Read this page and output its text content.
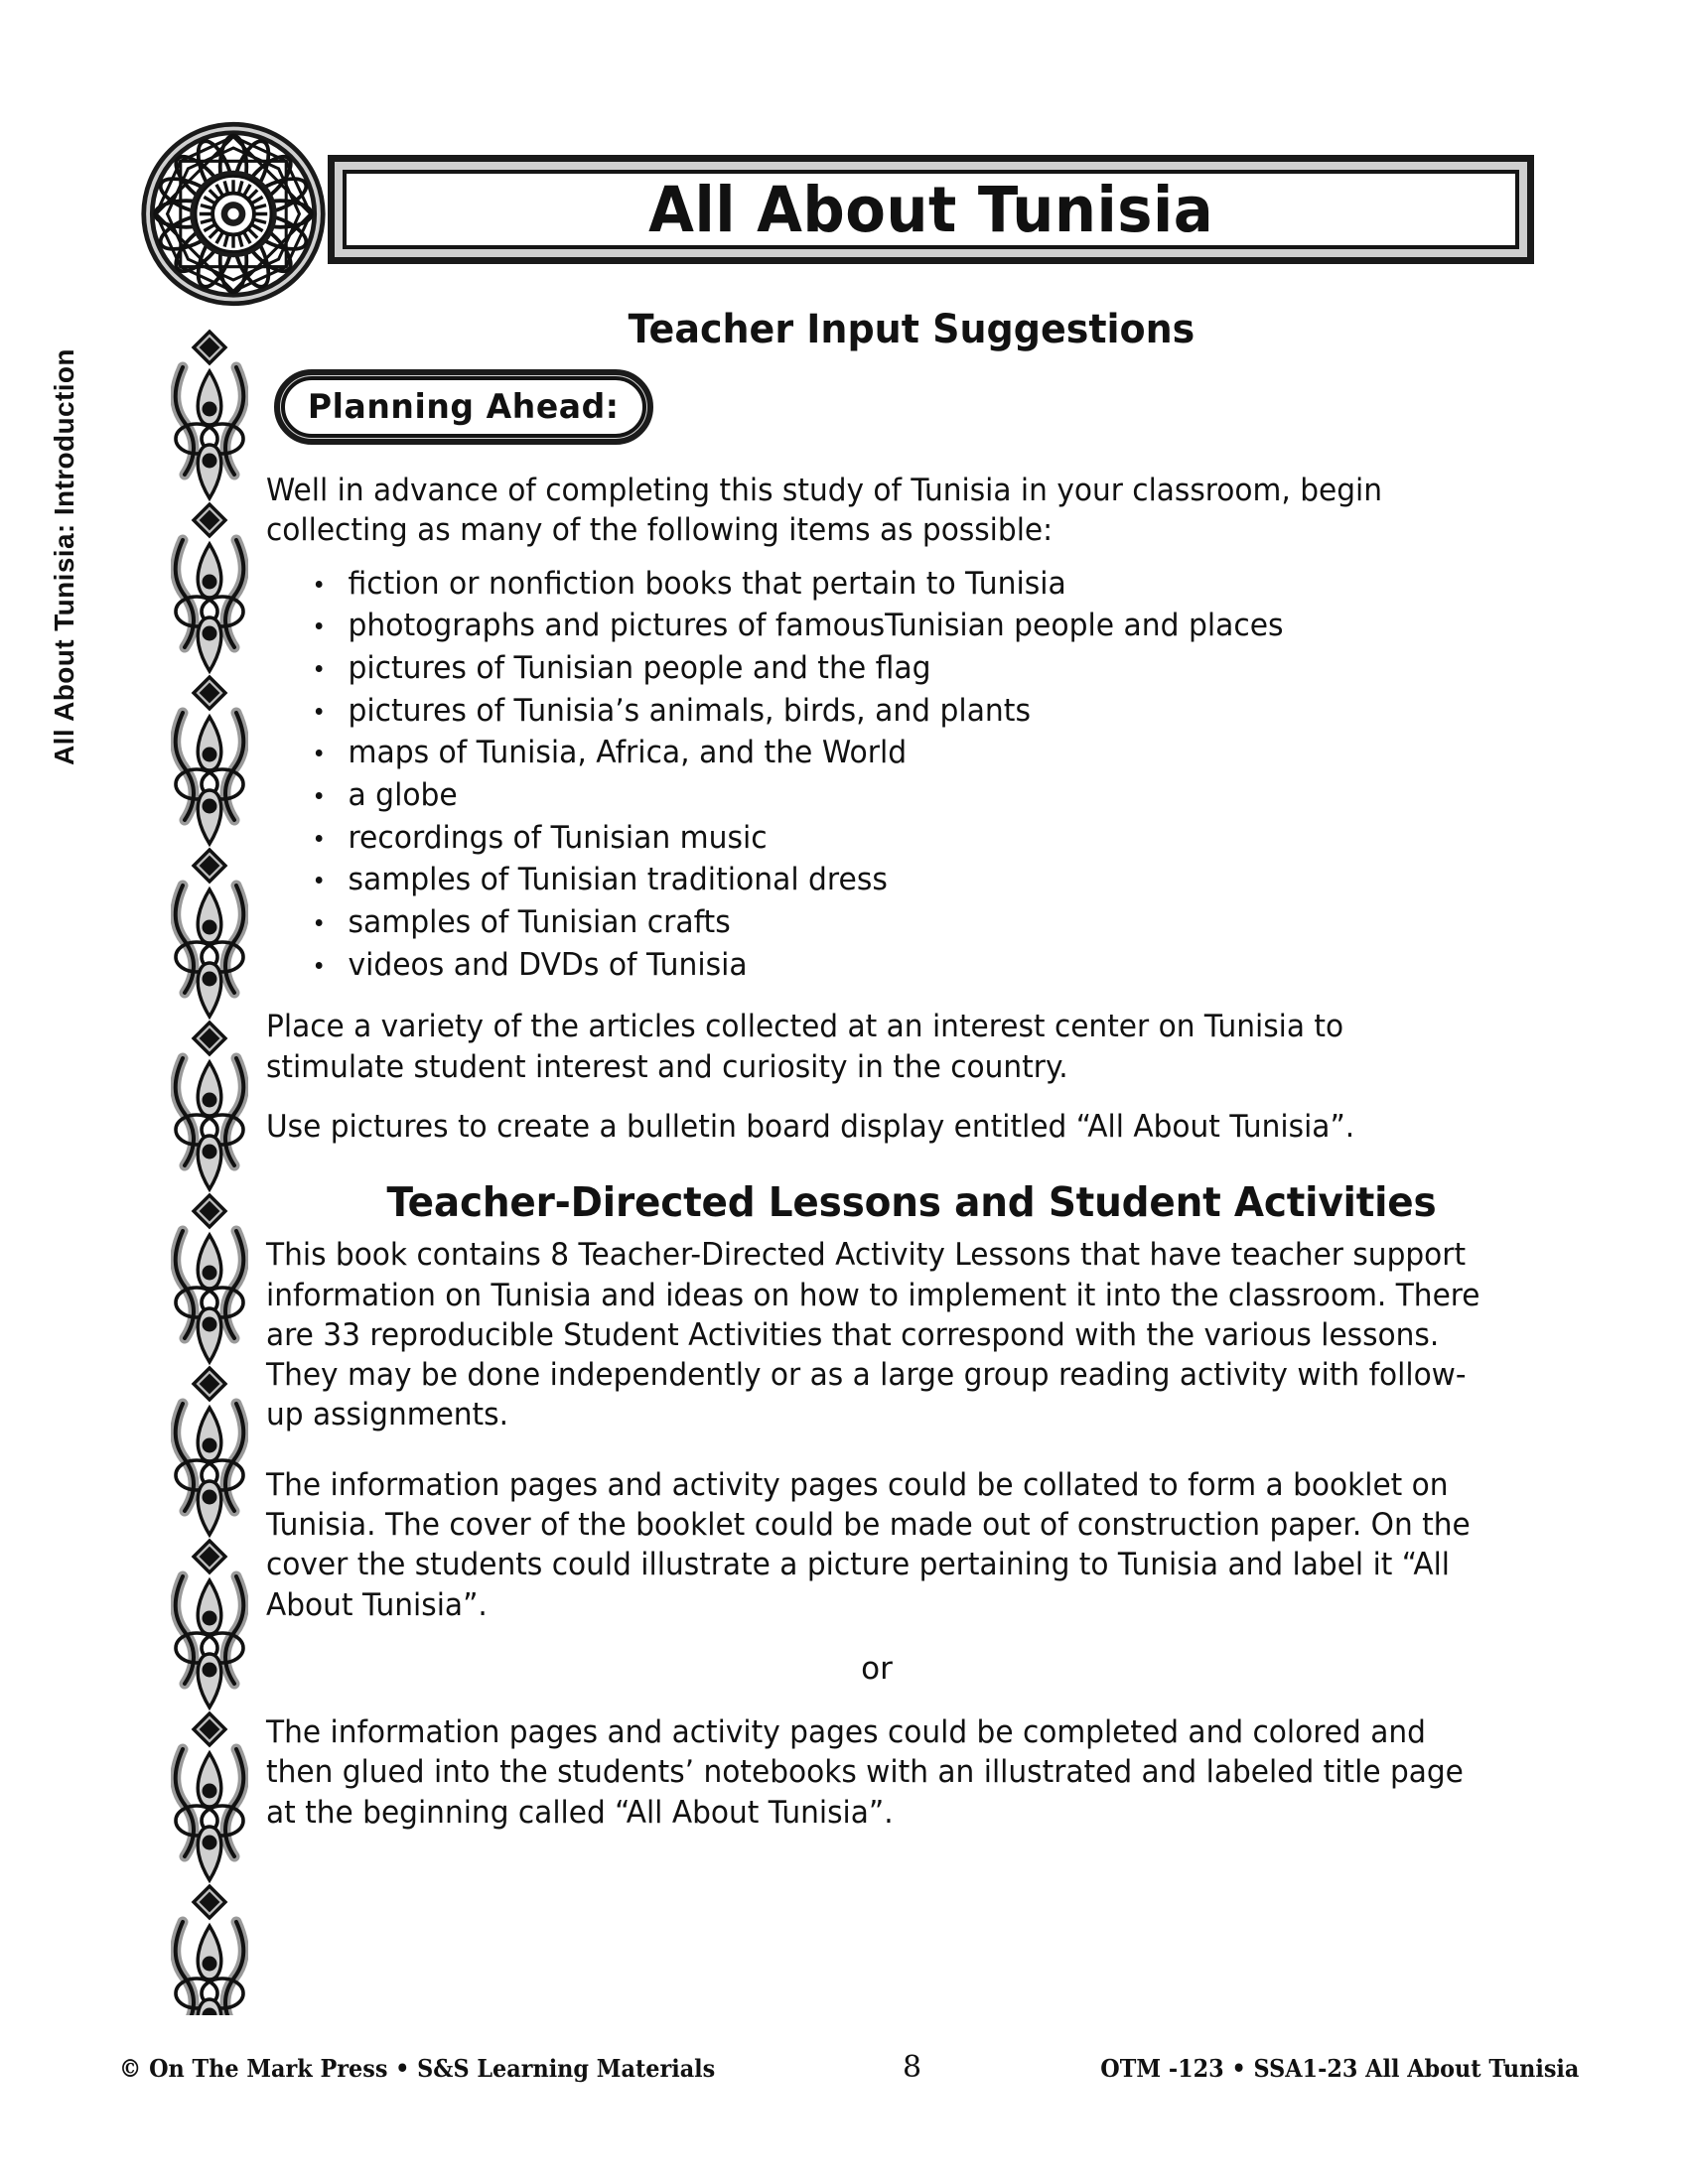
All About Tunisia
All About Tunisia: Introduction
Teacher Input Suggestions
Planning Ahead:

Well in advance of completing this study of Tunisia in your classroom, begin collecting as many of the following items as possible:

fiction or nonfiction books that pertain to Tunisia
photographs and pictures of famousTunisian people and places
pictures of Tunisian people and the flag
pictures of Tunisia’s animals, birds, and plants
maps of Tunisia, Africa, and the World
a globe
recordings of Tunisian music
samples of Tunisian traditional dress
samples of Tunisian crafts
videos and DVDs of Tunisia

Place a variety of the articles collected at an interest center on Tunisia to stimulate student interest and curiosity in the country.

Use pictures to create a bulletin board display entitled “All About Tunisia”.

Teacher-Directed Lessons and Student Activities

This book contains 8 Teacher-Directed Activity Lessons that have teacher support information on Tunisia and ideas on how to implement it into the classroom. There are 33 reproducible Student Activities that correspond with the various lessons. They may be done independently or as a large group reading activity with follow-up assignments.

The information pages and activity pages could be collated to form a booklet on Tunisia. The cover of the booklet could be made out of construction paper. On the cover the students could illustrate a picture pertaining to Tunisia and label it “All About Tunisia”.

or

The information pages and activity pages could be completed and colored and then glued into the students’ notebooks with an illustrated and labeled title page at the beginning called “All About Tunisia”.

© On The Mark Press • S&S Learning Materials	8	OTM -123 • SSA1-23 All About Tunisia
